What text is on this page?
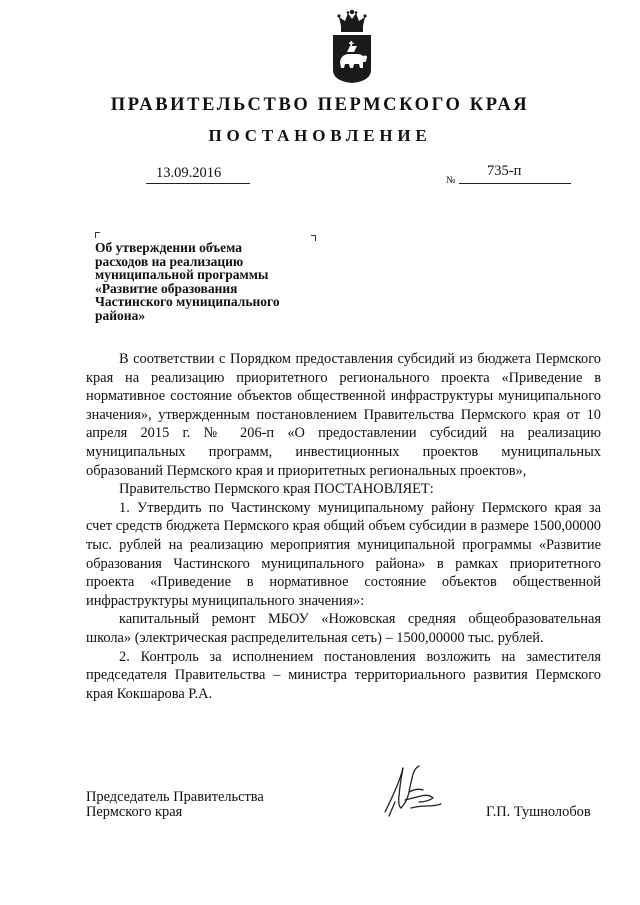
ПРАВИТЕЛЬСТВО ПЕРМСКОГО КРАЯ
ПОСТАНОВЛЕНИЕ
13.09.2016	№
735-п
Об утверждении объема
расходов на реализацию
муниципальной программы
«Развитие образования
Частинского муниципального
района»

В соответствии с Порядком предоставления субсидий из бюджета Пермского края на реализацию приоритетного регионального проекта «Приведение в нормативное состояние объектов общественной инфраструктуры муниципального значения», утвержденным постановлением Правительства Пермского края от 10 апреля 2015 г. № 206-п «О предоставлении субсидий на реализацию муниципальных программ, инвестиционных проектов муниципальных образований Пермского края и приоритетных региональных проектов»,

Правительство Пермского края ПОСТАНОВЛЯЕТ:

1. Утвердить по Частинскому муниципальному району Пермского края за счет средств бюджета Пермского края общий объем субсидии в размере 1500,00000 тыс. рублей на реализацию мероприятия муниципальной программы «Развитие образования Частинского муниципального района» в рамках приоритетного проекта «Приведение в нормативное состояние объектов общественной инфраструктуры муниципального значения»:

капитальный ремонт МБОУ «Ножовская средняя общеобразовательная школа» (электрическая распределительная сеть) – 1500,00000 тыс. рублей.

2. Контроль за исполнением постановления возложить на заместителя председателя Правительства – министра территориального развития Пермского края Кокшарова Р.А.

Председатель Правительства
Пермского края	Г.П. Тушнолобов
